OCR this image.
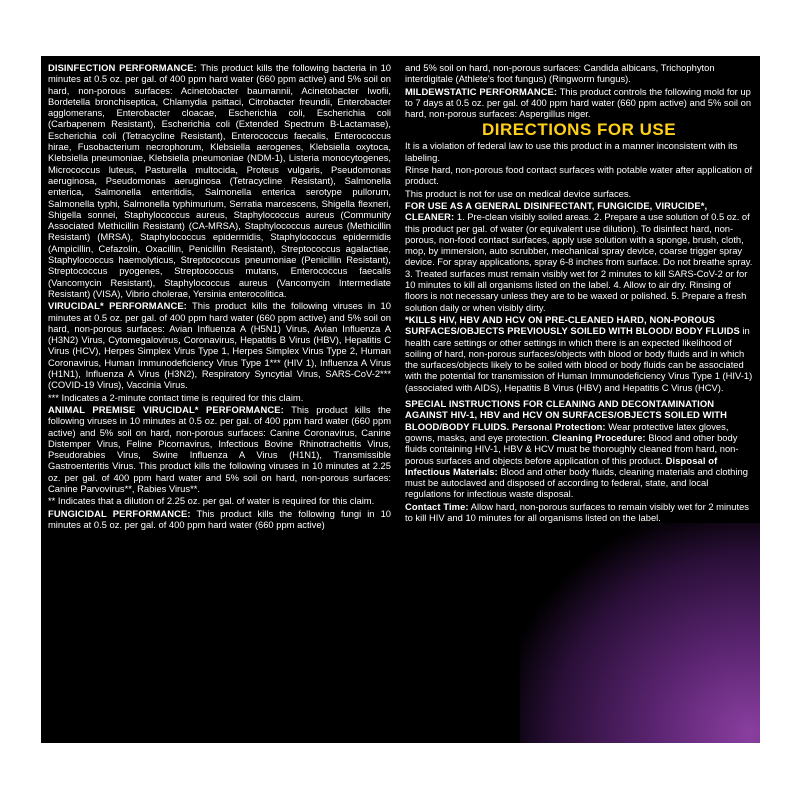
DISINFECTION PERFORMANCE: This product kills the following bacteria in 10 minutes at 0.5 oz. per gal. of 400 ppm hard water (660 ppm active) and 5% soil on hard, non-porous surfaces: Acinetobacter baumannii, Acinetobacter lwofii, Bordetella bronchiseptica, Chlamydia psittaci, Citrobacter freundii, Enterobacter agglomerans, Enterobacter cloacae, Escherichia coli, Escherichia coli (Carbapenem Resistant), Escherichia coli (Extended Spectrum B-Lactamase), Escherichia coli (Tetracycline Resistant), Enterococcus faecalis, Enterococcus hirae, Fusobacterium necrophorum, Klebsiella aerogenes, Klebsiella oxytoca, Klebsiella pneumoniae, Klebsiella pneumoniae (NDM-1), Listeria monocytogenes, Micrococcus luteus, Pasturella multocida, Proteus vulgaris, Pseudomonas aeruginosa, Pseudomonas aeruginosa (Tetracycline Resistant), Salmonella enterica, Salmonella enteritidis, Salmonella enterica serotype pullorum, Salmonella typhi, Salmonella typhimurium, Serratia marcescens, Shigella flexneri, Shigella sonnei, Staphylococcus aureus, Staphylococcus aureus (Community Associated Methicillin Resistant) (CA-MRSA), Staphylococcus aureus (Methicillin Resistant) (MRSA), Staphylococcus epidermidis, Staphylococcus epidermidis (Ampicillin, Cefazolin, Oxacillin, Penicillin Resistant), Streptococcus agalactiae, Staphylococcus haemolyticus, Streptococcus pneumoniae (Penicillin Resistant), Streptococcus pyogenes, Streptococcus mutans, Enterococcus faecalis (Vancomycin Resistant), Staphylococcus aureus (Vancomycin Intermediate Resistant) (VISA), Vibrio cholerae, Yersinia enterocolitica.

VIRUCIDAL* PERFORMANCE: This product kills the following viruses in 10 minutes at 0.5 oz. per gal. of 400 ppm hard water (660 ppm active) and 5% soil on hard, non-porous surfaces: Avian Influenza A (H5N1) Virus, Avian Influenza A (H3N2) Virus, Cytomegalovirus, Coronavirus, Hepatitis B Virus (HBV), Hepatitis C Virus (HCV), Herpes Simplex Virus Type 1, Herpes Simplex Virus Type 2, Human Coronavirus, Human Immunodeficiency Virus Type 1*** (HIV 1), Influenza A Virus (H1N1), Influenza A Virus (H3N2), Respiratory Syncytial Virus, SARS-CoV-2*** (COVID-19 Virus), Vaccinia Virus.

*** Indicates a 2-minute contact time is required for this claim.

ANIMAL PREMISE VIRUCIDAL* PERFORMANCE: This product kills the following viruses in 10 minutes at 0.5 oz. per gal. of 400 ppm hard water (660 ppm active) and 5% soil on hard, non-porous surfaces: Canine Coronavirus, Canine Distemper Virus, Feline Picornavirus, Infectious Bovine Rhinotracheitis Virus, Pseudorabies Virus, Swine Influenza A Virus (H1N1), Transmissible Gastroenteritis Virus. This product kills the following viruses in 10 minutes at 2.25 oz. per gal. of 400 ppm hard water and 5% soil on hard, non-porous surfaces: Canine Parvovirus**, Rabies Virus**.

** Indicates that a dilution of 2.25 oz. per gal. of water is required for this claim.

FUNGICIDAL PERFORMANCE: This product kills the following fungi in 10 minutes at 0.5 oz. per gal. of 400 ppm hard water (660 ppm active)

and 5% soil on hard, non-porous surfaces: Candida albicans, Trichophyton interdigitale (Athlete's foot fungus) (Ringworm fungus).

MILDEWSTATIC PERFORMANCE: This product controls the following mold for up to 7 days at 0.5 oz. per gal. of 400 ppm hard water (660 ppm active) and 5% soil on hard, non-porous surfaces: Aspergillus niger.

DIRECTIONS FOR USE

It is a violation of federal law to use this product in a manner inconsistent with its labeling.

Rinse hard, non-porous food contact surfaces with potable water after application of product.

This product is not for use on medical device surfaces.

FOR USE AS A GENERAL DISINFECTANT, FUNGICIDE, VIRUCIDE*, CLEANER: 1. Pre-clean visibly soiled areas. 2. Prepare a use solution of 0.5 oz. of this product per gal. of water (or equivalent use dilution). To disinfect hard, non-porous, non-food contact surfaces, apply use solution with a sponge, brush, cloth, mop, by immersion, auto scrubber, mechanical spray device, coarse trigger spray device. For spray applications, spray 6-8 inches from surface. Do not breathe spray. 3. Treated surfaces must remain visibly wet for 2 minutes to kill SARS-CoV-2 or for 10 minutes to kill all organisms listed on the label. 4. Allow to air dry. Rinsing of floors is not necessary unless they are to be waxed or polished. 5. Prepare a fresh solution daily or when visibly dirty.

*KILLS HIV, HBV AND HCV ON PRE-CLEANED HARD, NON-POROUS SURFACES/OBJECTS PREVIOUSLY SOILED WITH BLOOD/ BODY FLUIDS in health care settings or other settings in which there is an expected likelihood of soiling of hard, non-porous surfaces/objects with blood or body fluids and in which the surfaces/objects likely to be soiled with blood or body fluids can be associated with the potential for transmission of Human Immunodeficiency Virus Type 1 (HIV-1) (associated with AIDS), Hepatitis B Virus (HBV) and Hepatitis C Virus (HCV).

SPECIAL INSTRUCTIONS FOR CLEANING AND DECONTAMINATION AGAINST HIV-1, HBV and HCV ON SURFACES/OBJECTS SOILED WITH BLOOD/BODY FLUIDS. Personal Protection: Wear protective latex gloves, gowns, masks, and eye protection. Cleaning Procedure: Blood and other body fluids containing HIV-1, HBV & HCV must be thoroughly cleaned from hard, non-porous surfaces and objects before application of this product. Disposal of Infectious Materials: Blood and other body fluids, cleaning materials and clothing must be autoclaved and disposed of according to federal, state, and local regulations for infectious waste disposal.

Contact Time: Allow hard, non-porous surfaces to remain visibly wet for 2 minutes to kill HIV and 10 minutes for all organisms listed on the label.
